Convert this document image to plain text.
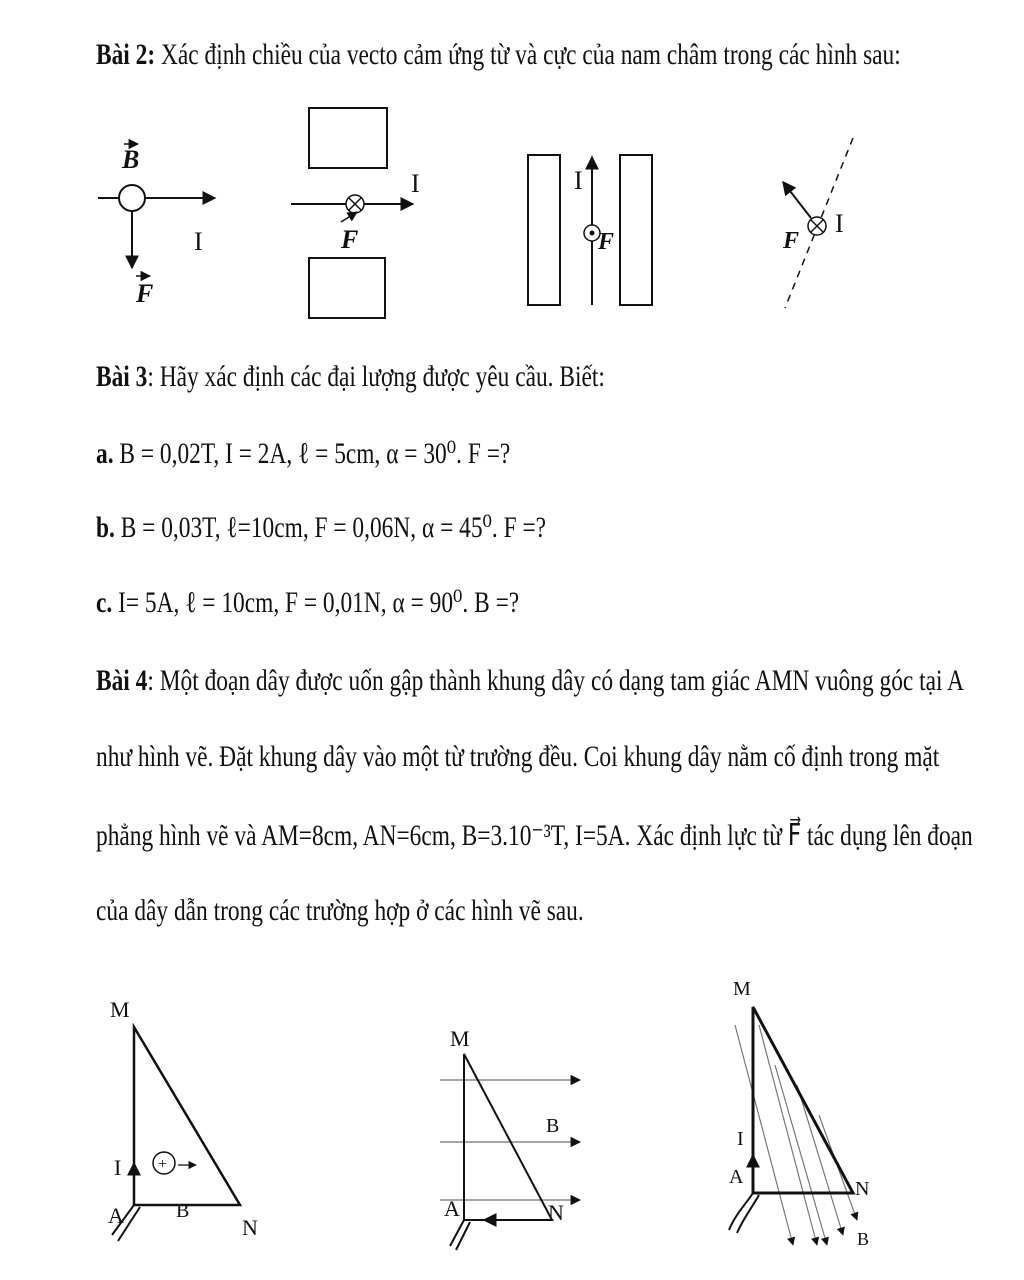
Bài 2: Xác định chiều của vecto cảm ứng từ và cực của nam châm trong các hình sau:
Bài 3: Hãy xác định các đại lượng được yêu cầu. Biết:
a. B = 0,02T, I = 2A, ℓ = 5cm, α = 30⁰. F =?
b. B = 0,03T, ℓ=10cm, F = 0,06N, α = 45⁰. F =?
c. I= 5A, ℓ = 10cm, F = 0,01N, α = 90⁰. B =?
Bài 4: Một đoạn dây được uốn gập thành khung dây có dạng tam giác AMN vuông góc tại A
như hình vẽ. Đặt khung dây vào một từ trường đều. Coi khung dây nằm cố định trong mặt
phẳng hình vẽ và AM=8cm, AN=6cm, B=3.10⁻³T, I=5A. Xác định lực từ F⃗ tác dụng lên đoạn
của dây dẫn trong các trường hợp ở các hình vẽ sau.
B
I
F
I
F
I
F
I
F
+
M
I
A	B
N
M
B
A	N
M
I
A
N
B
